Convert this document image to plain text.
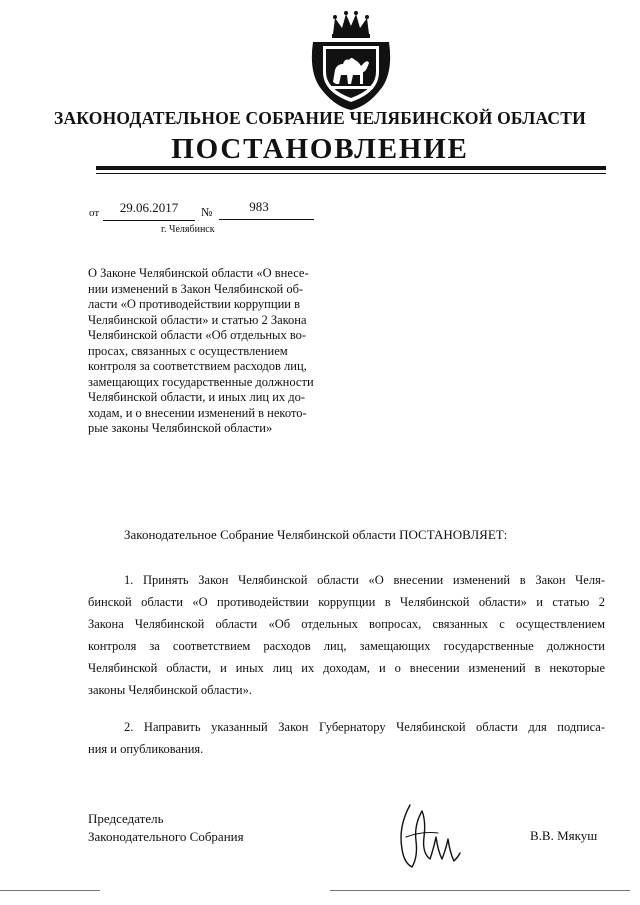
ЗАКОНОДАТЕЛЬНОЕ СОБРАНИЕ ЧЕЛЯБИНСКОЙ ОБЛАСТИ
ПОСТАНОВЛЕНИЕ
от	29.06.2017	№	983
г. Челябинск
О Законе Челябинской области «О внесе-
нии изменений в Закон Челябинской об-
ласти «О противодействии коррупции в
Челябинской области» и статью 2 Закона
Челябинской области «Об отдельных во-
просах, связанных с осуществлением
контроля за соответствием расходов лиц,
замещающих государственные должности
Челябинской области, и иных лиц их до-
ходам, и о внесении изменений в некото-
рые законы Челябинской области»
Законодательное Собрание Челябинской области ПОСТАНОВЛЯЕТ:
1. Принять Закон Челябинской области «О внесении изменений в Закон Челя-
бинской области «О противодействии коррупции в Челябинской области» и статью 2
Закона Челябинской области «Об отдельных вопросах, связанных с осуществлением
контроля за соответствием расходов лиц, замещающих государственные должности
Челябинской области, и иных лиц их доходам, и о внесении изменений в некоторые
законы Челябинской области».
2. Направить указанный Закон Губернатору Челябинской области для подписа-
ния и опубликования.
Председатель
Законодательного Собрания	В.В. Мякуш
